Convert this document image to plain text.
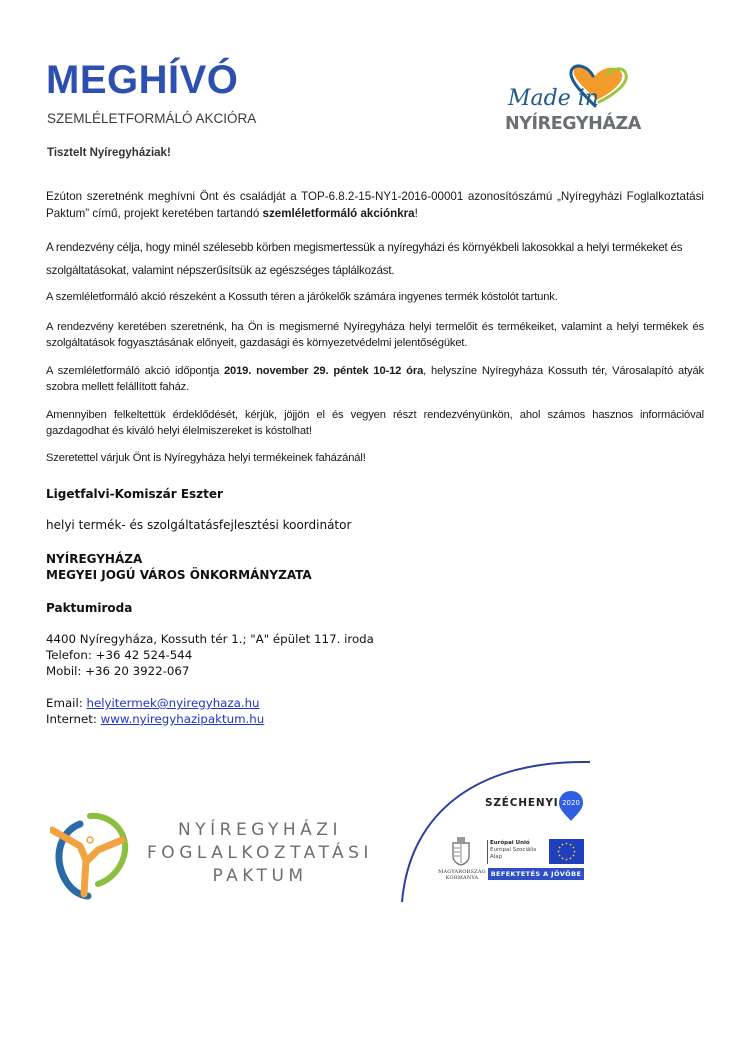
MEGHÍVÓ
SZEMLÉLETFORMÁLÓ AKCIÓRA
Tisztelt Nyíregyháziak!
Made in
NYÍREGYHÁZA

Ezúton szeretnénk meghívni Önt és családját a TOP-6.8.2-15-NY1-2016-00001 azonosítószámú „Nyíregyházi Foglalkoztatási Paktum” című, projekt keretében tartandó szemléletformáló akciónkra!

A rendezvény célja, hogy minél szélesebb körben megismertessük a nyíregyházi és környékbeli lakosokkal a helyi termékeket és szolgáltatásokat, valamint népszerűsítsük az egészséges táplálkozást.

A szemléletformáló akció részeként a Kossuth téren a járókelők számára ingyenes termék kóstolót tartunk.

A rendezvény keretében szeretnénk, ha Ön is megismerné Nyíregyháza helyi termelőit és termékeiket, valamint a helyi termékek és szolgáltatások fogyasztásának előnyeit, gazdasági és környezetvédelmi jelentőségüket.

A szemléletformáló akció időpontja 2019. november 29. péntek 10-12 óra, helyszíne Nyíregyháza Kossuth tér, Városalapító atyák szobra mellett felállított faház.

Amennyiben felkeltettük érdeklődését, kérjük, jöjjön el és vegyen részt rendezvényünkön, ahol számos hasznos információval gazdagodhat és kiváló helyi élelmiszereket is kóstolhat!

Szeretettel várjuk Önt is Nyíregyháza helyi termékeinek faházánál!

Ligetfalvi-Komiszár Eszter
helyi termék- és szolgáltatásfejlesztési koordinátor
NYÍREGYHÁZA
MEGYEI JOGÚ VÁROS ÖNKORMÁNYZATA
Paktumiroda
4400 Nyíregyháza, Kossuth tér 1.; "A" épület 117. iroda
Telefon: +36 42 524-544
Mobil: +36 20 3922-067
Email: helyitermek@nyiregyhaza.hu
Internet: www.nyiregyhazipaktum.hu
NYÍREGYHÁZI
FOGLALKOZTATÁSI
PAKTUM
SZÉCHENYI 2020
MAGYARORSZÁG
KORMÁNYA
Európai Unió
Európai Szociális
Alap
BEFEKTETÉS A JÖVŐBE
